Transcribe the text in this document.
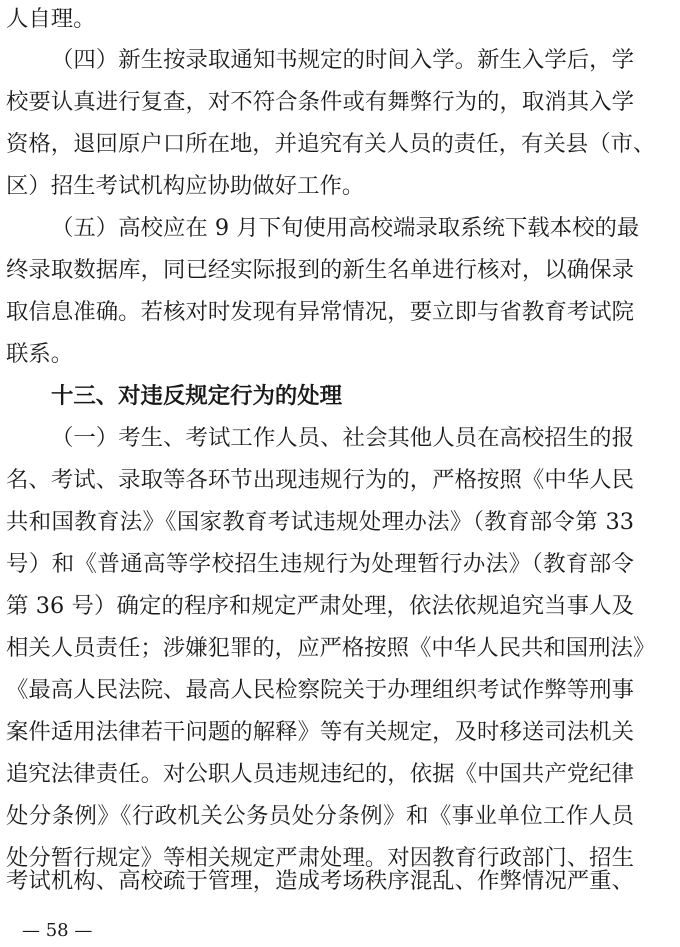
人自理。
（四）新生按录取通知书规定的时间入学。新生入学后，学
校要认真进行复查，对不符合条件或有舞弊行为的，取消其入学
资格，退回原户口所在地，并追究有关人员的责任，有关县（市、
区）招生考试机构应协助做好工作。
（五）高校应在 9 月下旬使用高校端录取系统下载本校的最
终录取数据库，同已经实际报到的新生名单进行核对，以确保录
取信息准确。若核对时发现有异常情况，要立即与省教育考试院
联系。
十三、对违反规定行为的处理
（一）考生、考试工作人员、社会其他人员在高校招生的报
名、考试、录取等各环节出现违规行为的，严格按照《中华人民
共和国教育法》《国家教育考试违规处理办法》（教育部令第 33
号）和《普通高等学校招生违规行为处理暂行办法》（教育部令
第 36 号）确定的程序和规定严肃处理，依法依规追究当事人及
相关人员责任；涉嫌犯罪的，应严格按照《中华人民共和国刑法》
《最高人民法院、最高人民检察院关于办理组织考试作弊等刑事
案件适用法律若干问题的解释》等有关规定，及时移送司法机关
追究法律责任。对公职人员违规违纪的，依据《中国共产党纪律
处分条例》《行政机关公务员处分条例》和《事业单位工作人员
处分暂行规定》等相关规定严肃处理。对因教育行政部门、招生
考试机构、高校疏于管理，造成考场秩序混乱、作弊情况严重、
— 58 —
